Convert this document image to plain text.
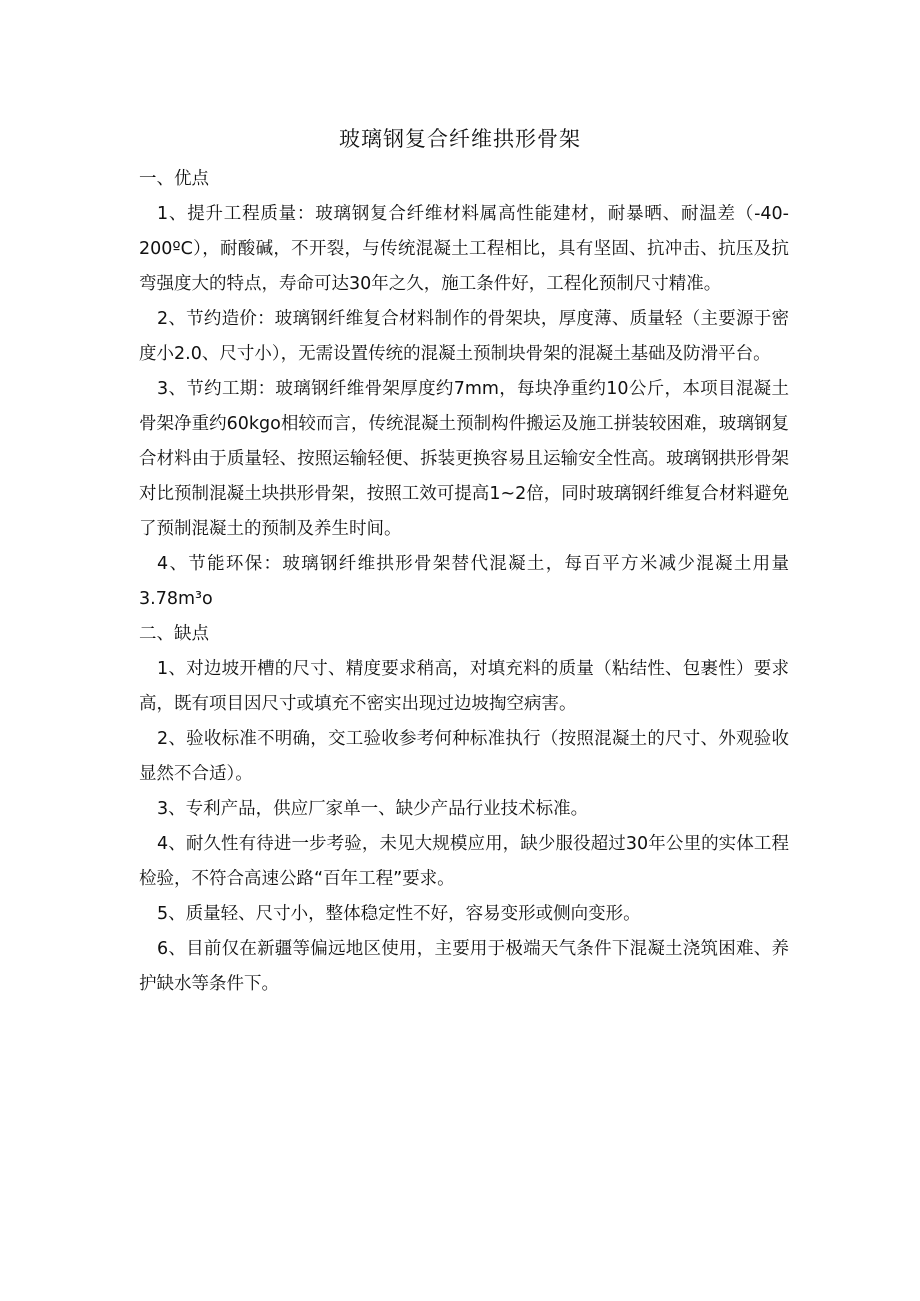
玻璃钢复合纤维拱形骨架

一、优点

1、提升工程质量：玻璃钢复合纤维材料属高性能建材，耐暴晒、耐温差（-40-200ºC），耐酸碱，不开裂，与传统混凝土工程相比，具有坚固、抗冲击、抗压及抗弯强度大的特点，寿命可达30年之久，施工条件好，工程化预制尺寸精准。

2、节约造价：玻璃钢纤维复合材料制作的骨架块，厚度薄、质量轻（主要源于密度小2.0、尺寸小），无需设置传统的混凝土预制块骨架的混凝土基础及防滑平台。

3、节约工期：玻璃钢纤维骨架厚度约7mm，每块净重约10公斤，本项目混凝土骨架净重约60kgo相较而言，传统混凝土预制构件搬运及施工拼装较困难，玻璃钢复合材料由于质量轻、按照运输轻便、拆装更换容易且运输安全性高。玻璃钢拱形骨架对比预制混凝土块拱形骨架，按照工效可提高1~2倍，同时玻璃钢纤维复合材料避免了预制混凝土的预制及养生时间。

4、节能环保：玻璃钢纤维拱形骨架替代混凝土，每百平方米减少混凝土用量3.78m³o

二、缺点

1、对边坡开槽的尺寸、精度要求稍高，对填充料的质量（粘结性、包裹性）要求高，既有项目因尺寸或填充不密实出现过边坡掏空病害。

2、验收标准不明确，交工验收参考何种标准执行（按照混凝土的尺寸、外观验收显然不合适）。

3、专利产品，供应厂家单一、缺少产品行业技术标准。

4、耐久性有待进一步考验，未见大规模应用，缺少服役超过30年公里的实体工程检验，不符合高速公路“百年工程”要求。

5、质量轻、尺寸小，整体稳定性不好，容易变形或侧向变形。

6、目前仅在新疆等偏远地区使用，主要用于极端天气条件下混凝土浇筑困难、养护缺水等条件下。
